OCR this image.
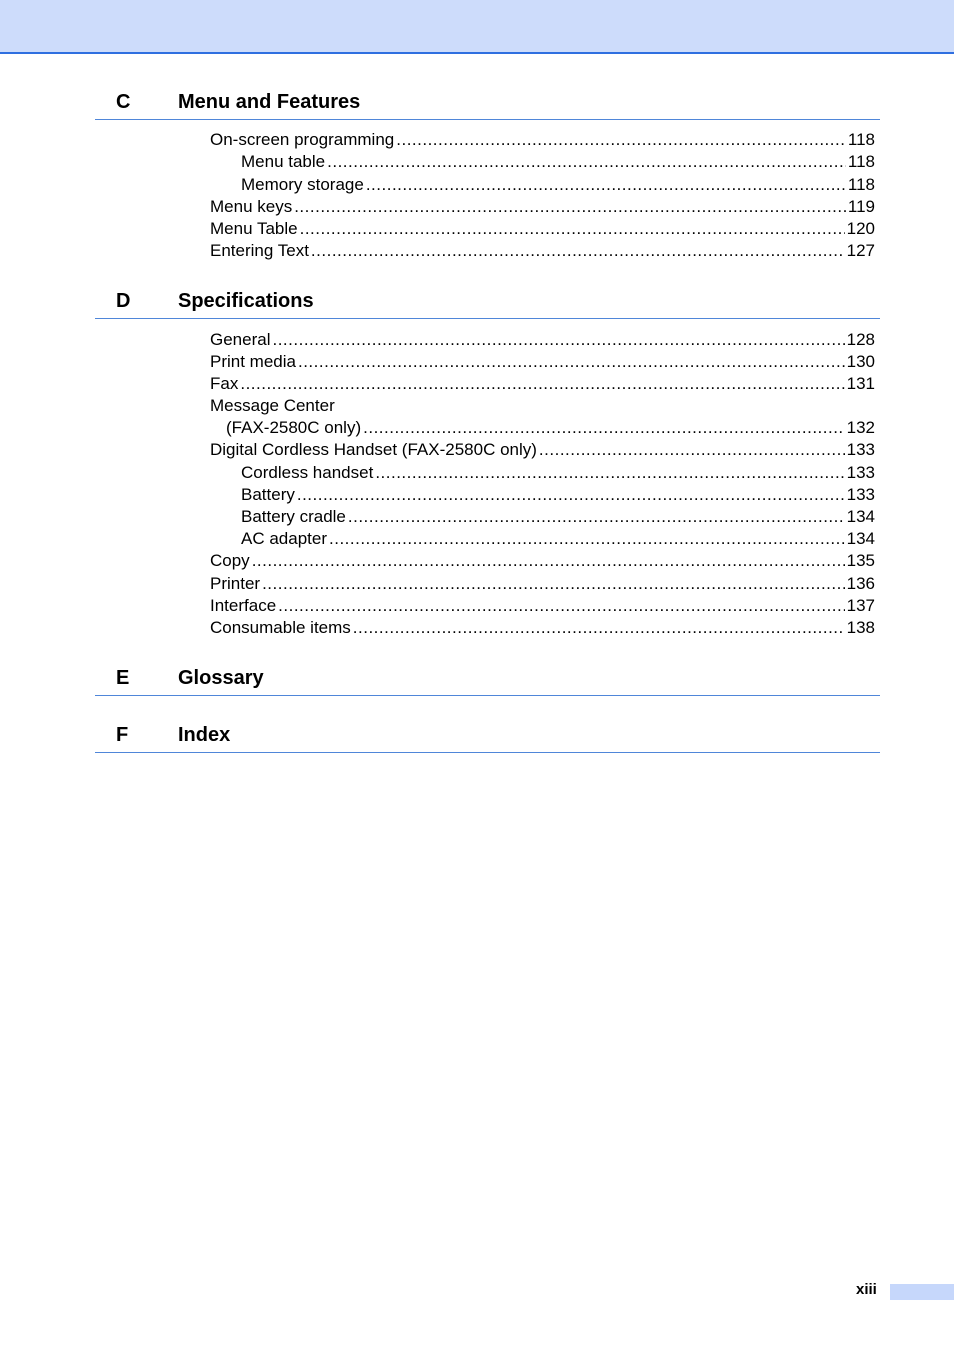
C Menu and Features
On-screen programming .....	118
Menu table .....	118
Memory storage .....	118
Menu keys .....	119
Menu Table .....	120
Entering Text .....	127
D Specifications
General .....	128
Print media .....	130
Fax .....	131
Message Center
(FAX-2580C only) .....	132
Digital Cordless Handset (FAX-2580C only) .....	133
Cordless handset .....	133
Battery .....	133
Battery cradle .....	134
AC adapter .....	134
Copy .....	135
Printer .....	136
Interface .....	137
Consumable items .....	138
E Glossary
F Index
xiii
